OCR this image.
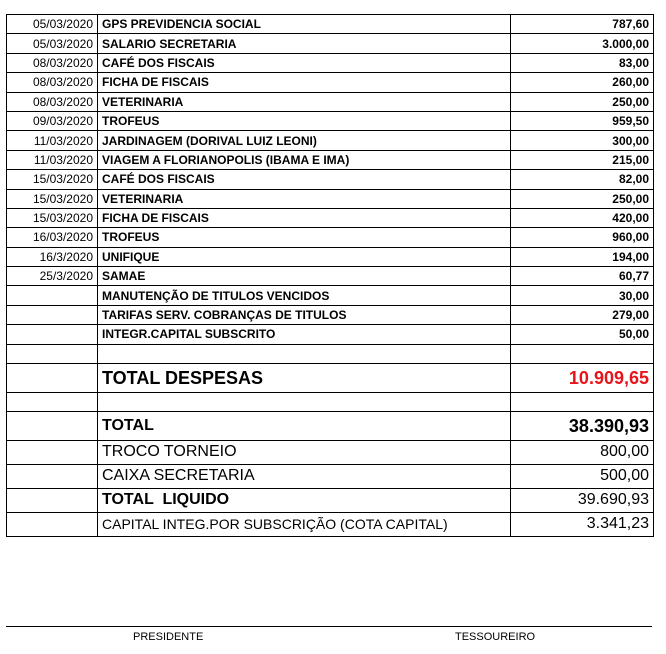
05/03/2020	GPS PREVIDENCIA SOCIAL	787,60
05/03/2020	SALARIO SECRETARIA	3.000,00
08/03/2020	CAFÉ DOS FISCAIS	83,00
08/03/2020	FICHA DE FISCAIS	260,00
08/03/2020	VETERINARIA	250,00
09/03/2020	TROFEUS	959,50
11/03/2020	JARDINAGEM (DORIVAL LUIZ LEONI)	300,00
11/03/2020	VIAGEM A FLORIANOPOLIS (IBAMA E IMA)	215,00
15/03/2020	CAFÉ DOS FISCAIS	82,00
15/03/2020	VETERINARIA	250,00
15/03/2020	FICHA DE FISCAIS	420,00
16/03/2020	TROFEUS	960,00
16/3/2020	UNIFIQUE	194,00
25/3/2020	SAMAE	60,77
	MANUTENÇÃO DE TITULOS VENCIDOS	30,00
	TARIFAS SERV. COBRANÇAS DE TITULOS	279,00
	INTEGR.CAPITAL SUBSCRITO	50,00

	TOTAL DESPESAS	10.909,65

	TOTAL	38.390,93
	TROCO TORNEIO	800,00
	CAIXA SECRETARIA	500,00
	TOTAL  LIQUIDO	39.690,93
	CAPITAL INTEG.POR SUBSCRIÇÃO (COTA CAPITAL)	3.341,23
PRESIDENTE	TESSOUREIRO
